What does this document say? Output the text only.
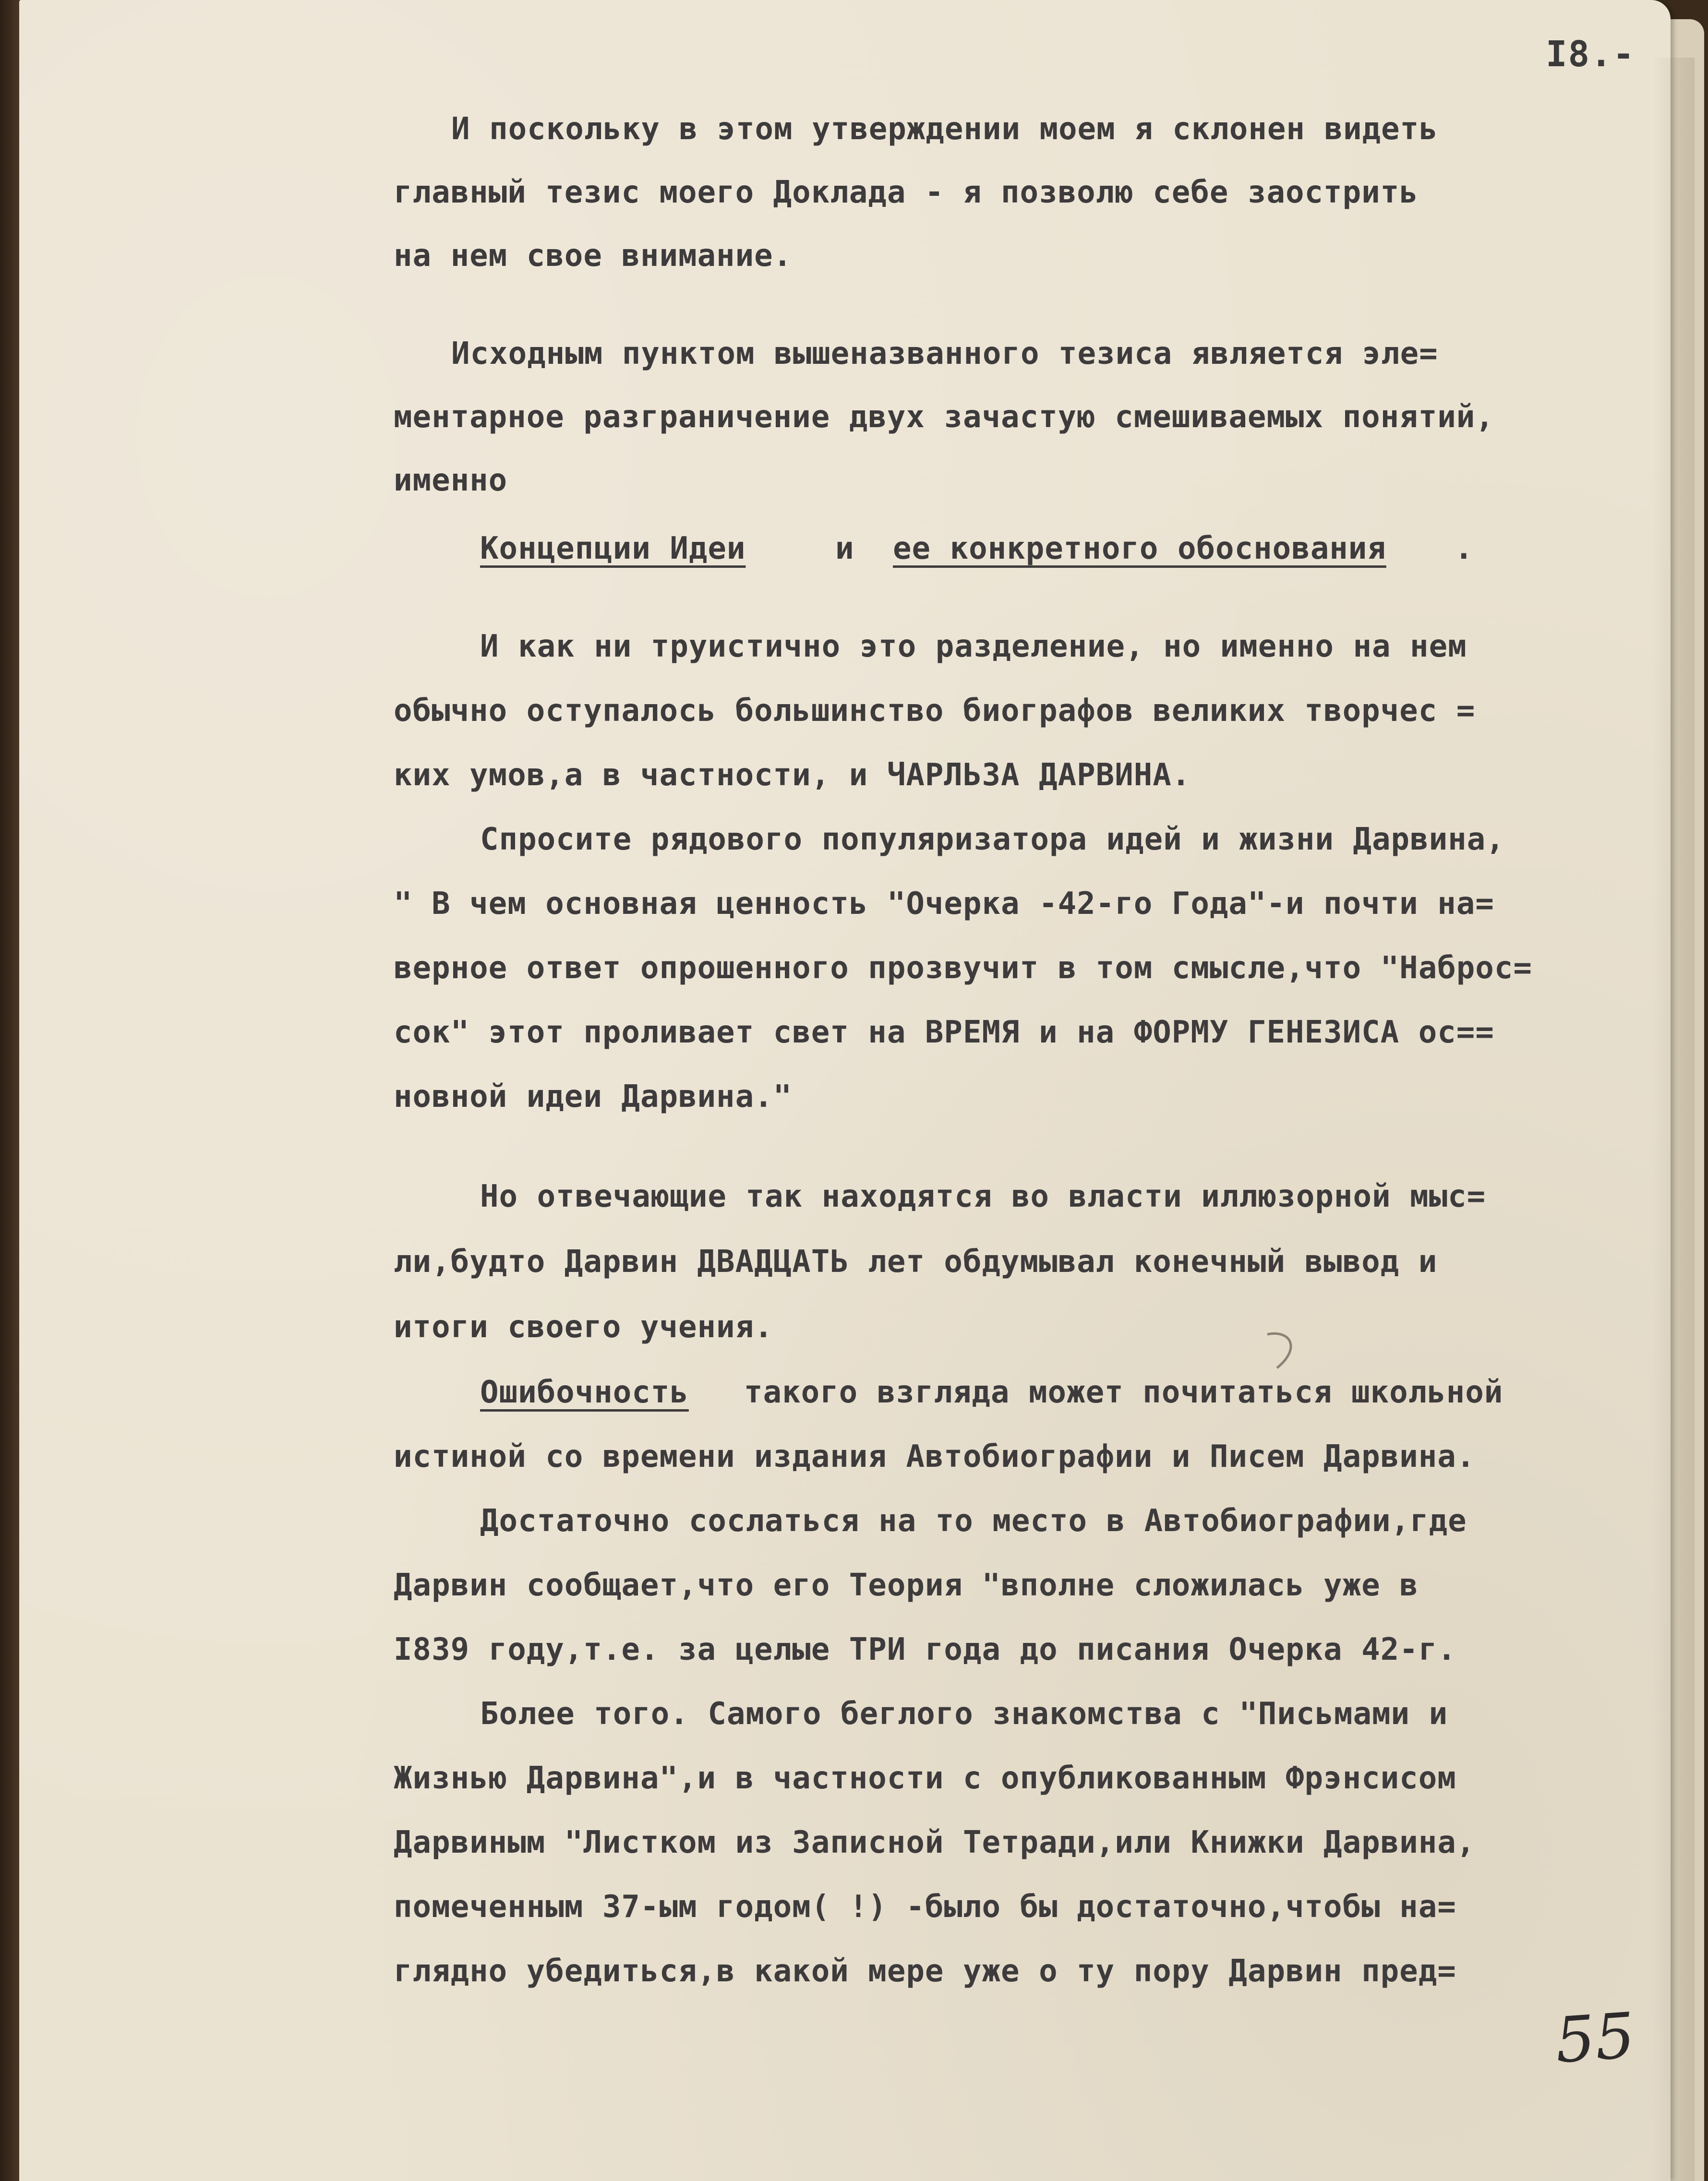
I8.-
И поскольку в этом утверждении моем я склонен видеть
главный тезис моего Доклада - я позволю себе заострить
на нем свое внимание.
Исходным пунктом вышеназванного тезиса является эле=
ментарное разграничение двух зачастую смешиваемых понятий,
именно
Концепции Идеи	и ее конкретного обоснования .
И как ни труистично это разделение, но именно на нем
обычно оступалось большинство биографов великих творчес =
ких умов,а в частности, и ЧАРЛЬЗА ДАРВИНА.
Спросите рядового популяризатора идей и жизни Дарвина,
" В чем основная ценность "Очерка -42-го Года"-и почти на=
верное ответ опрошенного прозвучит в том смысле,что "Наброс=
сок" этот проливает свет на ВРЕМЯ и на ФОРМУ ГЕНЕЗИСА ос==
новной идеи Дарвина."
Но отвечающие так находятся во власти иллюзорной мыс=
ли,будто Дарвин ДВАДЦАТЬ лет обдумывал конечный вывод и
итоги своего учения.
Ошибочность такого взгляда может почитаться школьной
истиной со времени издания Автобиографии и Писем Дарвина.
Достаточно сослаться на то место в Автобиографии,где
Дарвин сообщает,что его Теория "вполне сложилась уже в
I839 году,т.е. за целые ТРИ года до писания Очерка 42-г.
Более того. Самого беглого знакомства с "Письмами и
Жизнью Дарвина",и в частности с опубликованным Фрэнсисом
Дарвиным "Листком из Записной Тетради,или Книжки Дарвина,
помеченным 37-ым годом( !) -было бы достаточно,чтобы на=
глядно убедиться,в какой мере уже о ту пору Дарвин пред=
55
